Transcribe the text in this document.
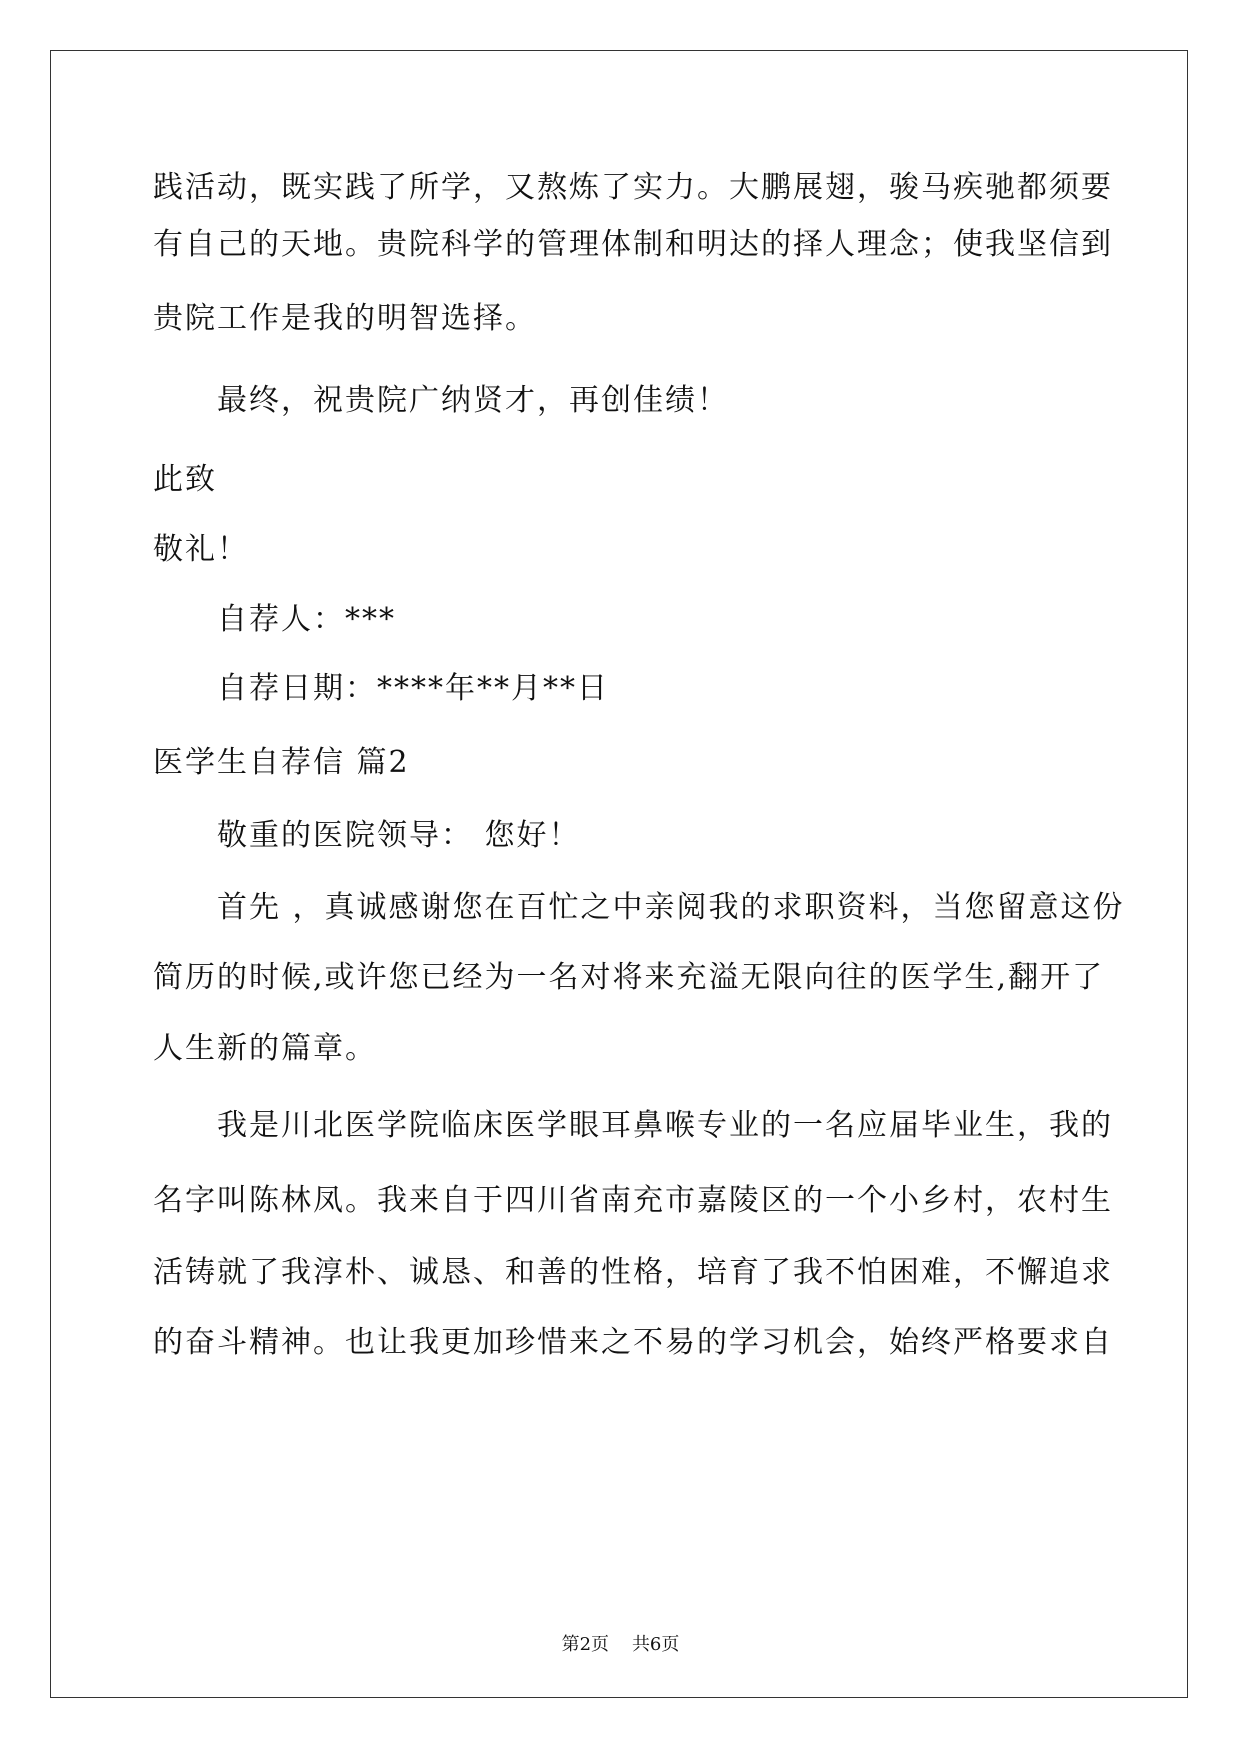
践活动，既实践了所学，又熬炼了实力。大鹏展翅，骏马疾驰都须要
有自己的天地。贵院科学的管理体制和明达的择人理念；使我坚信到
贵院工作是我的明智选择。
最终，祝贵院广纳贤才，再创佳绩！
此致
敬礼！
自荐人：***
自荐日期：****年**月**日
医学生自荐信 篇2
敬重的医院领导： 您好！
首先 ，真诚感谢您在百忙之中亲阅我的求职资料，当您留意这份
简历的时候,或许您已经为一名对将来充溢无限向往的医学生,翻开了
人生新的篇章。
我是川北医学院临床医学眼耳鼻喉专业的一名应届毕业生，我的
名字叫陈林凤。我来自于四川省南充市嘉陵区的一个小乡村，农村生
活铸就了我淳朴、诚恳、和善的性格，培育了我不怕困难，不懈追求
的奋斗精神。也让我更加珍惜来之不易的学习机会，始终严格要求自
第2页 共6页
